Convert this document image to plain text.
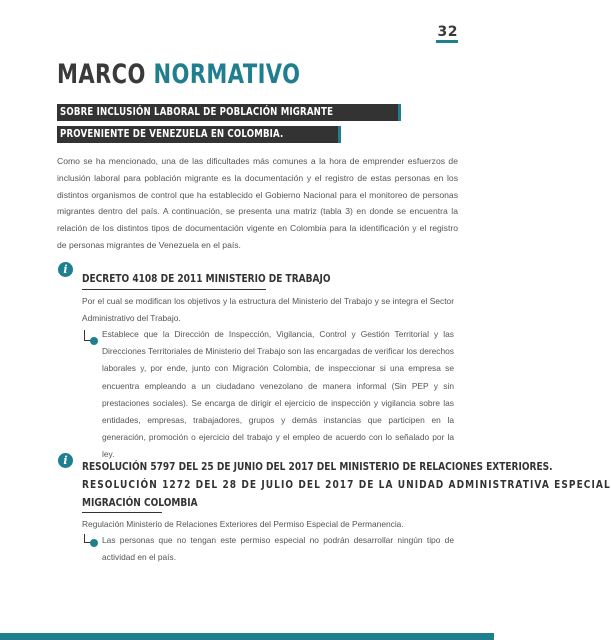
32
MARCO NORMATIVO
SOBRE INCLUSIÓN LABORAL DE POBLACIÓN MIGRANTE
PROVENIENTE DE VENEZUELA EN COLOMBIA.
Como se ha mencionado, una de las dificultades más comunes a la hora de emprender esfuerzos de inclusión laboral para población migrante es la documentación y el registro de estas personas en los distintos organismos de control que ha establecido el Gobierno Nacional para el monitoreo de personas migrantes dentro del país. A continuación, se presenta una matriz (tabla 3) en donde se encuentra la relación de los distintos tipos de documentación vigente en Colombia para la identificación y el registro de personas migrantes de Venezuela en el país.
i
DECRETO 4108 DE 2011 MINISTERIO DE TRABAJO
Por el cual se modifican los objetivos y la estructura del Ministerio del Trabajo y se integra el Sector Administrativo del Trabajo.
Establece que la Dirección de Inspección, Vigilancia, Control y Gestión Territorial y las Direcciones Territoriales de Ministerio del Trabajo son las encargadas de verificar los derechos laborales y, por ende, junto con Migración Colombia, de inspeccionar si una empresa se encuentra empleando a un ciudadano venezolano de manera informal (Sin PEP y sin prestaciones sociales). Se encarga de dirigir el ejercicio de inspección y vigilancia sobre las entidades, empresas, trabajadores, grupos y demás instancias que participen en la generación, promoción o ejercicio del trabajo y el empleo de acuerdo con lo señalado por la ley.
i	RESOLUCIÓN 5797 DEL 25 DE JUNIO DEL 2017 DEL MINISTERIO DE RELACIONES EXTERIORES.
RESOLUCIÓN 1272 DEL 28 DE JULIO DEL 2017 DE LA UNIDAD ADMINISTRATIVA ESPECIAL
MIGRACIÓN COLOMBIA
Regulación Ministerio de Relaciones Exteriores del Permiso Especial de Permanencia.
Las personas que no tengan este permiso especial no podrán desarrollar ningún tipo de actividad en el país.
